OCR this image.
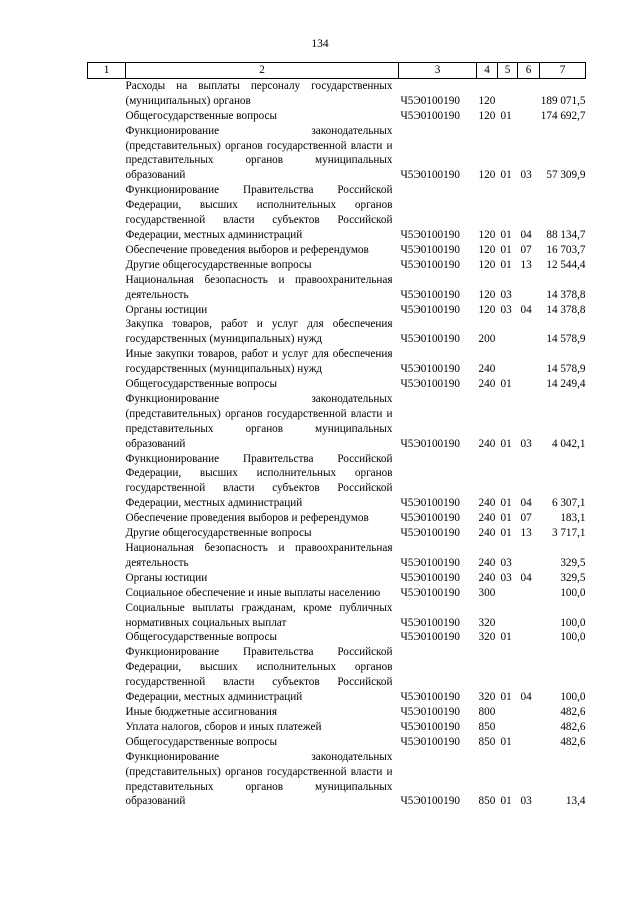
134
1	2	3	4	5	6	7
	Расходы на выплаты персоналу государственных (муниципальных) органов	Ч5Э0100190	120			189 071,5
	Общегосударственные вопросы	Ч5Э0100190	120	01		174 692,7
	Функционирование законодательных (представительных) органов государственной власти и представительных органов муниципальных образований	Ч5Э0100190	120	01	03	57 309,9
	Функционирование Правительства Российской Федерации, высших исполнительных органов государственной власти субъектов Российской Федерации, местных администраций	Ч5Э0100190	120	01	04	88 134,7
	Обеспечение проведения выборов и референдумов	Ч5Э0100190	120	01	07	16 703,7
	Другие общегосударственные вопросы	Ч5Э0100190	120	01	13	12 544,4
	Национальная безопасность и правоохранительная деятельность	Ч5Э0100190	120	03		14 378,8
	Органы юстиции	Ч5Э0100190	120	03	04	14 378,8
	Закупка товаров, работ и услуг для обеспечения государственных (муниципальных) нужд	Ч5Э0100190	200			14 578,9
	Иные закупки товаров, работ и услуг для обеспечения государственных (муниципальных) нужд	Ч5Э0100190	240			14 578,9
	Общегосударственные вопросы	Ч5Э0100190	240	01		14 249,4
	Функционирование законодательных (представительных) органов государственной власти и представительных органов муниципальных образований	Ч5Э0100190	240	01	03	4 042,1
	Функционирование Правительства Российской Федерации, высших исполнительных органов государственной власти субъектов Российской Федерации, местных администраций	Ч5Э0100190	240	01	04	6 307,1
	Обеспечение проведения выборов и референдумов	Ч5Э0100190	240	01	07	183,1
	Другие общегосударственные вопросы	Ч5Э0100190	240	01	13	3 717,1
	Национальная безопасность и правоохранительная деятельность	Ч5Э0100190	240	03		329,5
	Органы юстиции	Ч5Э0100190	240	03	04	329,5
	Социальное обеспечение и иные выплаты населению	Ч5Э0100190	300			100,0
	Социальные выплаты гражданам, кроме публичных нормативных социальных выплат	Ч5Э0100190	320			100,0
	Общегосударственные вопросы	Ч5Э0100190	320	01		100,0
	Функционирование Правительства Российской Федерации, высших исполнительных органов государственной власти субъектов Российской Федерации, местных администраций	Ч5Э0100190	320	01	04	100,0
	Иные бюджетные ассигнования	Ч5Э0100190	800			482,6
	Уплата налогов, сборов и иных платежей	Ч5Э0100190	850			482,6
	Общегосударственные вопросы	Ч5Э0100190	850	01		482,6
	Функционирование законодательных (представительных) органов государственной власти и представительных органов муниципальных образований	Ч5Э0100190	850	01	03	13,4
